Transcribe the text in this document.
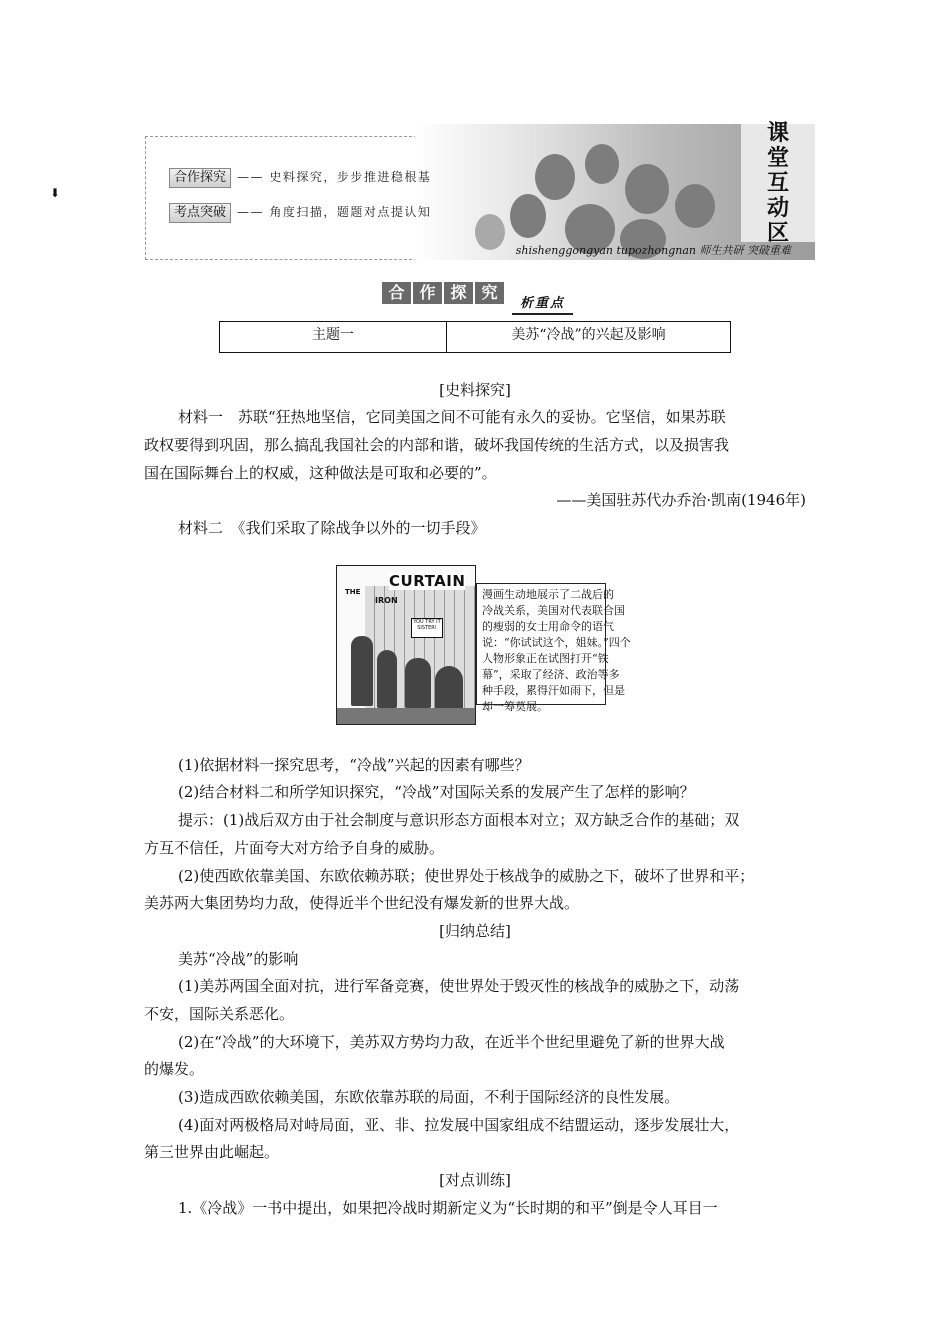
合作探究 —— 史料探究，步步推进稳根基
考点突破 —— 角度扫描，题题对点提认知
课
堂
互
动
区
shishenggongyan tupozhongnan 师生共研 突破重难
⬇
合 作 探 究
析重点
主题一	美苏“冷战”的兴起及影响
[史料探究]
材料一　苏联“狂热地坚信，它同美国之间不可能有永久的妥协。它坚信，如果苏联
政权要得到巩固，那么搞乱我国社会的内部和谐，破坏我国传统的生活方式，以及损害我
国在国际舞台上的权威，这种做法是可取和必要的”。
——美国驻苏代办乔治·凯南(1946年)
材料二　《我们采取了除战争以外的一切手段》
THE
IRON
CURTAIN
YOU TRY IT SISTER!
漫画生动地展示了二战后的
冷战关系，美国对代表联合国
的瘦弱的女士用命令的语气
说：“你试试这个，姐妹。”四个
人物形象正在试图打开“铁
幕”，采取了经济、政治等多
种手段，累得汗如雨下，但是
却一筹莫展。
(1)依据材料一探究思考，“冷战”兴起的因素有哪些？
(2)结合材料二和所学知识探究，“冷战”对国际关系的发展产生了怎样的影响？
提示：(1)战后双方由于社会制度与意识形态方面根本对立；双方缺乏合作的基础；双
方互不信任，片面夸大对方给予自身的威胁。
(2)使西欧依靠美国、东欧依赖苏联；使世界处于核战争的威胁之下，破坏了世界和平；
美苏两大集团势均力敌，使得近半个世纪没有爆发新的世界大战。
[归纳总结]
美苏“冷战”的影响
(1)美苏两国全面对抗，进行军备竞赛，使世界处于毁灭性的核战争的威胁之下，动荡
不安，国际关系恶化。
(2)在“冷战”的大环境下，美苏双方势均力敌，在近半个世纪里避免了新的世界大战
的爆发。
(3)造成西欧依赖美国，东欧依靠苏联的局面，不利于国际经济的良性发展。
(4)面对两极格局对峙局面，亚、非、拉发展中国家组成不结盟运动，逐步发展壮大，
第三世界由此崛起。
[对点训练]
1.《冷战》一书中提出，如果把冷战时期新定义为“长时期的和平”倒是令人耳目一
